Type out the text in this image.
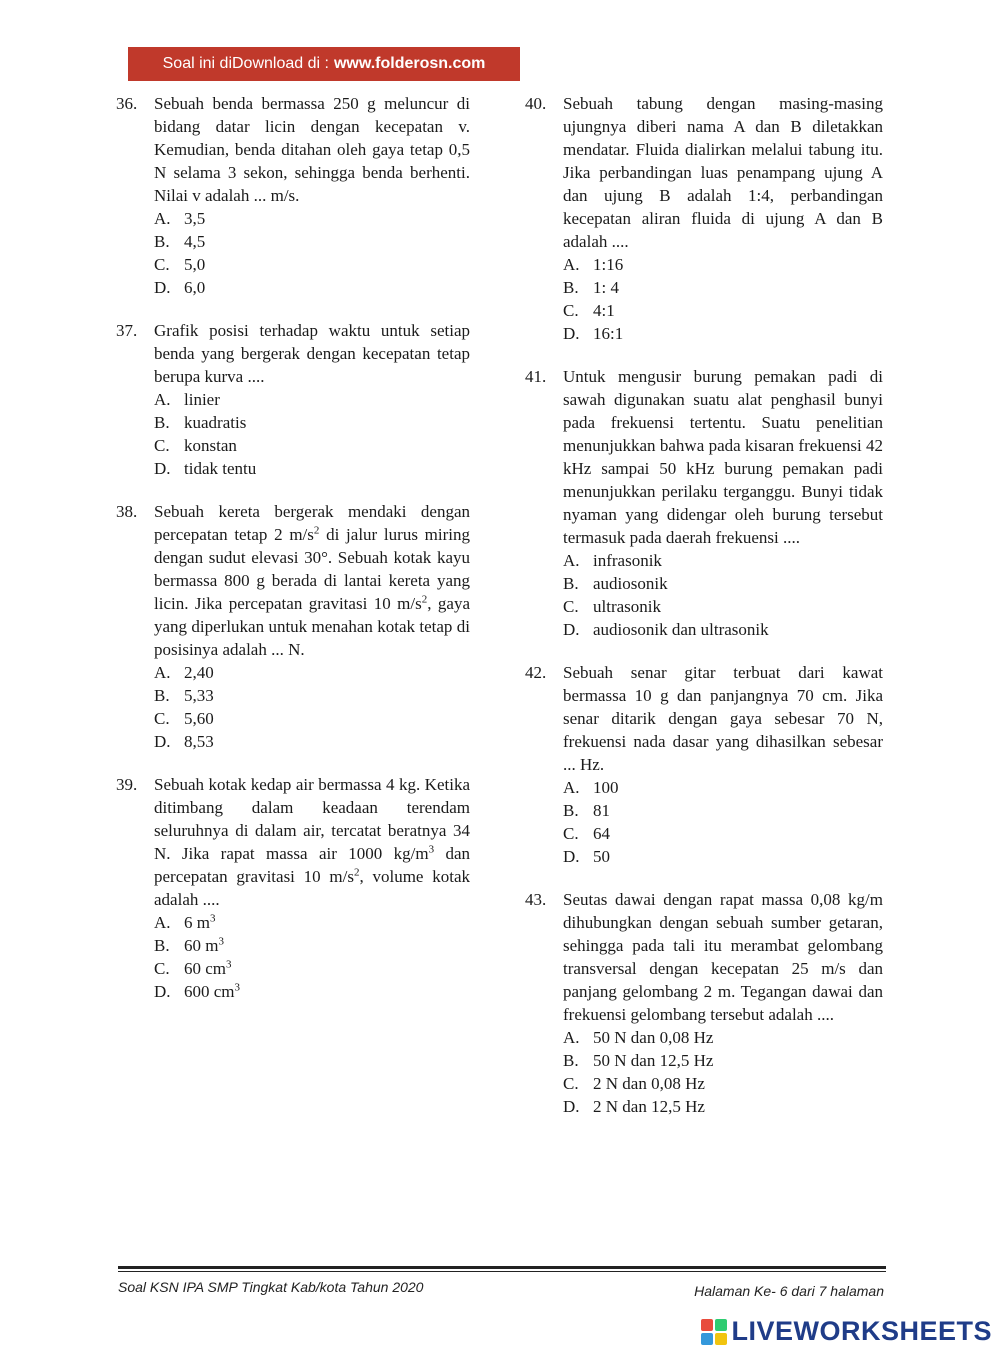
Soal ini diDownload di : www.folderosn.com
36. Sebuah benda bermassa 250 g meluncur di bidang datar licin dengan kecepatan v. Kemudian, benda ditahan oleh gaya tetap 0,5 N selama 3 sekon, sehingga benda berhenti. Nilai v adalah ... m/s.
A. 3,5
B. 4,5
C. 5,0
D. 6,0
37. Grafik posisi terhadap waktu untuk setiap benda yang bergerak dengan kecepatan tetap berupa kurva ....
A. linier
B. kuadratis
C. konstan
D. tidak tentu
38. Sebuah kereta bergerak mendaki dengan percepatan tetap 2 $m/s^2$ di jalur lurus miring dengan sudut elevasi 30°. Sebuah kotak kayu bermassa 800 g berada di lantai kereta yang licin. Jika percepatan gravitasi 10 $m/s^2$, gaya yang diperlukan untuk menahan kotak tetap di posisinya adalah ... N.
A. 2,40
B. 5,33
C. 5,60
D. 8,53
39. Sebuah kotak kedap air bermassa 4 kg. Ketika ditimbang dalam keadaan terendam seluruhnya di dalam air, tercatat beratnya 34 N. Jika rapat massa air 1000 $kg/m^3$ dan percepatan gravitasi 10 $m/s^2$, volume kotak adalah ....
A. 6 $m^3$
B. 60 $m^3$
C. 60 $cm^3$
D. 600 $cm^3$
40. Sebuah tabung dengan masing-masing ujungnya diberi nama A dan B diletakkan mendatar. Fluida dialirkan melalui tabung itu. Jika perbandingan luas penampang ujung A dan ujung B adalah 1:4, perbandingan kecepatan aliran fluida di ujung A dan B adalah ....
A. 1:16
B. 1: 4
C. 4:1
D. 16:1
41. Untuk mengusir burung pemakan padi di sawah digunakan suatu alat penghasil bunyi pada frekuensi tertentu. Suatu penelitian menunjukkan bahwa pada kisaran frekuensi 42 kHz sampai 50 kHz burung pemakan padi menunjukkan perilaku terganggu. Bunyi tidak nyaman yang didengar oleh burung tersebut termasuk pada daerah frekuensi ....
A. infrasonik
B. audiosonik
C. ultrasonik
D. audiosonik dan ultrasonik
42. Sebuah senar gitar terbuat dari kawat bermassa 10 g dan panjangnya 70 cm. Jika senar ditarik dengan gaya sebesar 70 N, frekuensi nada dasar yang dihasilkan sebesar ... Hz.
A. 100
B. 81
C. 64
D. 50
43. Seutas dawai dengan rapat massa 0,08 kg/m dihubungkan dengan sebuah sumber getaran, sehingga pada tali itu merambat gelombang transversal dengan kecepatan 25 m/s dan panjang gelombang 2 m. Tegangan dawai dan frekuensi gelombang tersebut adalah ....
A. 50 N dan 0,08 Hz
B. 50 N dan 12,5 Hz
C. 2 N dan 0,08 Hz
D. 2 N dan 12,5 Hz
Soal KSN IPA SMP Tingkat Kab/kota Tahun 2020	Halaman Ke- 6 dari 7 halaman
LIVEWORKSHEETS
